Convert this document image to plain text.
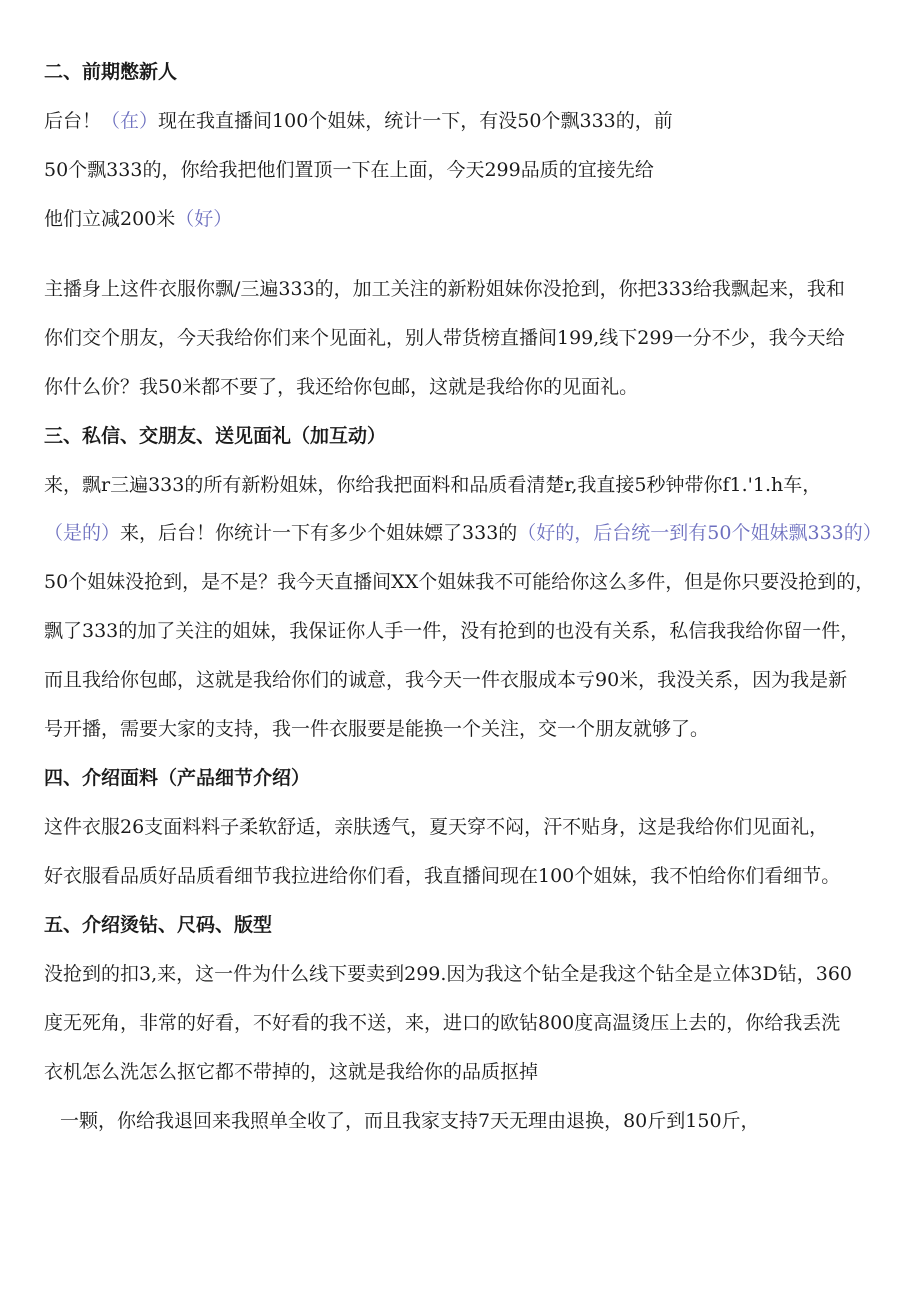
二、前期憋新人
后台！（在）现在我直播间100个姐妹，统计一下，有没50个飘333的，前
50个飘333的，你给我把他们置顶一下在上面，今天299品质的宜接先给
他们立减200米（好）
主播身上这件衣服你飘/三遍333的，加工关注的新粉姐妹你没抢到，你把333给我飘起来，我和
你们交个朋友，今天我给你们来个见面礼，别人带货榜直播间199,线下299一分不少，我今天给
你什么价？我50米都不要了，我还给你包邮，这就是我给你的见面礼。
三、私信、交朋友、送见面礼（加互动）
来，飘r三遍333的所有新粉姐妹，你给我把面料和品质看清楚r,我直接5秒钟带你f1.'1.h车，
（是的）来，后台！你统计一下有多少个姐妹嫖了333的（好的，后台统一到有50个姐妹飘333的）
50个姐妹没抢到，是不是？我今天直播间XX个姐妹我不可能给你这么多件，但是你只要没抢到的，
飘了333的加了关注的姐妹，我保证你人手一件，没有抢到的也没有关系，私信我我给你留一件，
而且我给你包邮，这就是我给你们的诚意，我今天一件衣服成本亏90米，我没关系，因为我是新
号开播，需要大家的支持，我一件衣服要是能换一个关注，交一个朋友就够了。
四、介绍面料（产品细节介绍）
这件衣服26支面料料子柔软舒适，亲肤透气，夏天穿不闷，汗不贴身，这是我给你们见面礼，
好衣服看品质好品质看细节我拉进给你们看，我直播间现在100个姐妹，我不怕给你们看细节。
五、介绍烫钻、尺码、版型
没抢到的扣3,来，这一件为什么线下要卖到299.因为我这个钻全是我这个钻全是立体3D钻，360
度无死角，非常的好看，不好看的我不送，来，进口的欧钻800度高温烫压上去的，你给我丢洗
衣机怎么洗怎么抠它都不带掉的，这就是我给你的品质抠掉
一颗，你给我退回来我照单全收了，而且我家支持7天无理由退换，80斤到150斤，
